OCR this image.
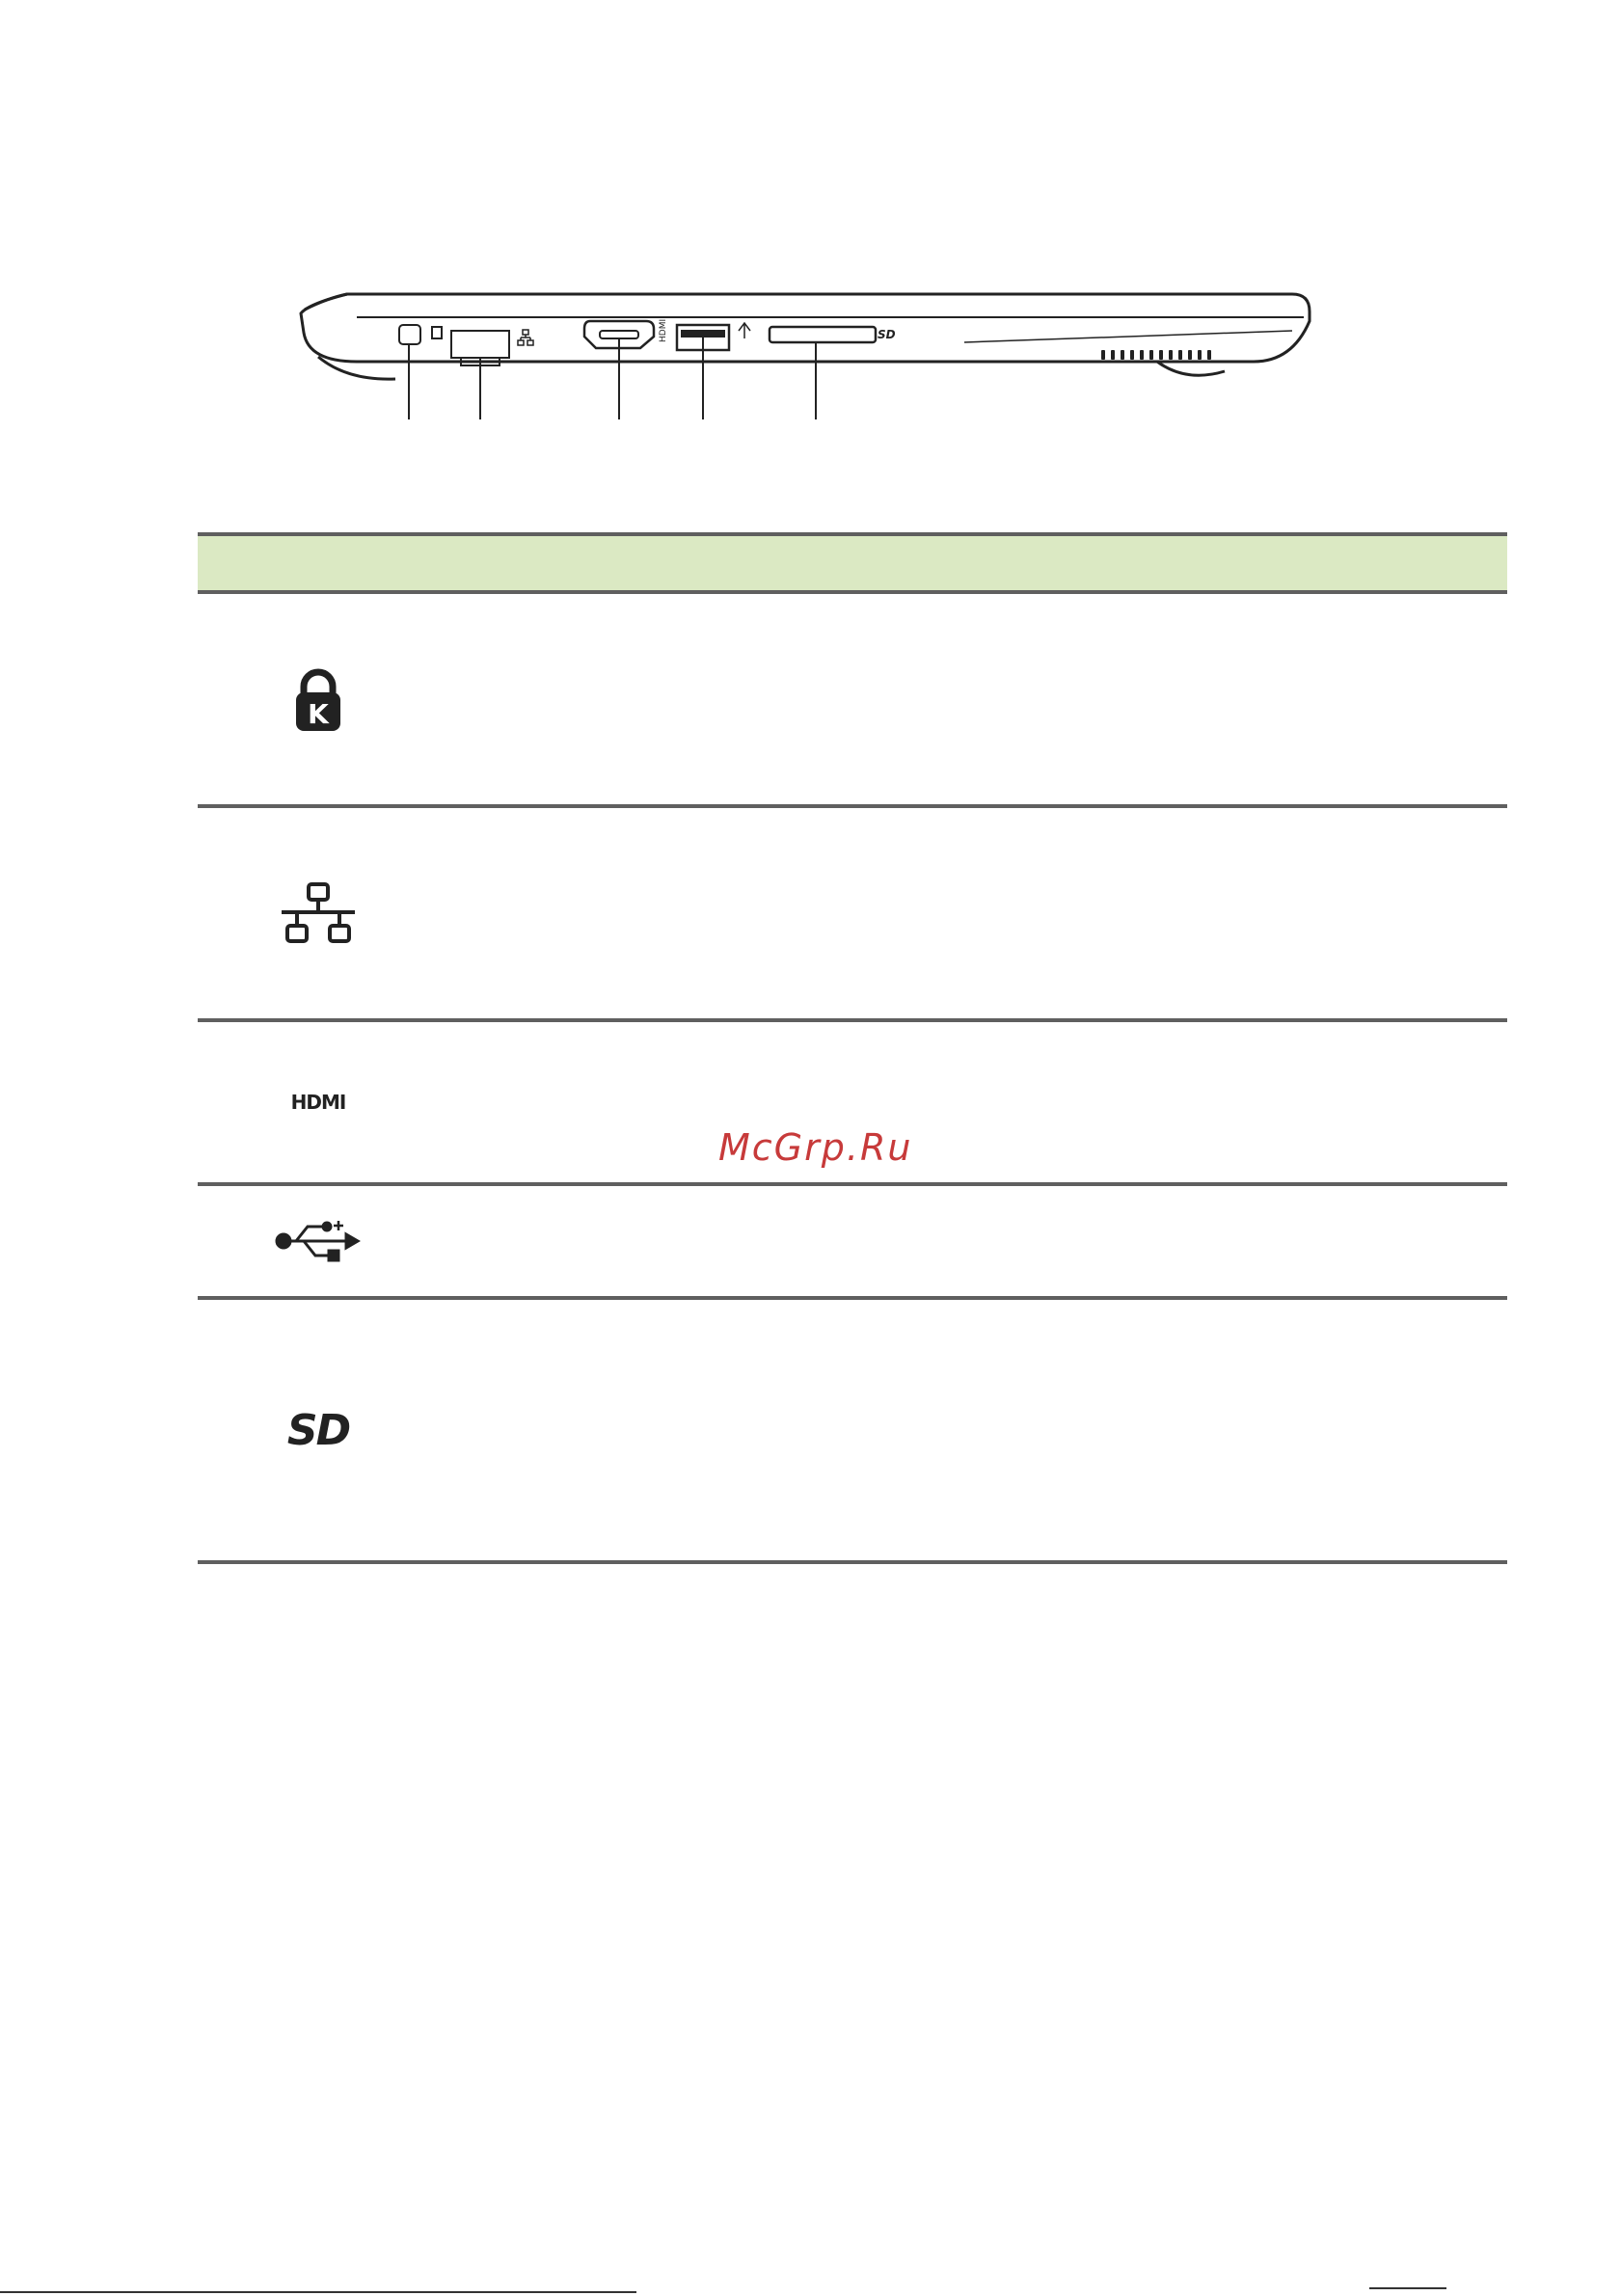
HDMI	SD
K
HDMI
SD
McGrp.Ru
